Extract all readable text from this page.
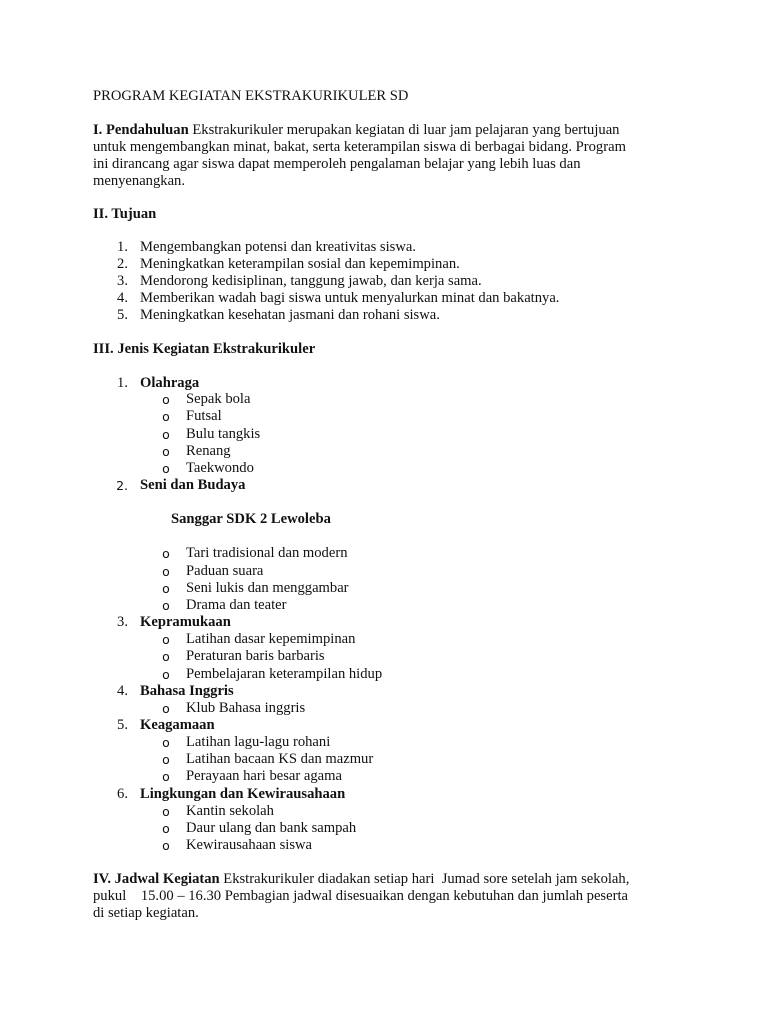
PROGRAM KEGIATAN EKSTRAKURIKULER SD
I. Pendahuluan Ekstrakurikuler merupakan kegiatan di luar jam pelajaran yang bertujuan
untuk mengembangkan minat, bakat, serta keterampilan siswa di berbagai bidang. Program
ini dirancang agar siswa dapat memperoleh pengalaman belajar yang lebih luas dan
menyenangkan.
II. Tujuan
1. Mengembangkan potensi dan kreativitas siswa.
2. Meningkatkan keterampilan sosial dan kepemimpinan.
3. Mendorong kedisiplinan, tanggung jawab, dan kerja sama.
4. Memberikan wadah bagi siswa untuk menyalurkan minat dan bakatnya.
5. Meningkatkan kesehatan jasmani dan rohani siswa.
III. Jenis Kegiatan Ekstrakurikuler
1. Olahraga
o Sepak bola
o Futsal
o Bulu tangkis
o Renang
o Taekwondo
2. Seni dan Budaya
Sanggar SDK 2 Lewoleba
o Tari tradisional dan modern
o Paduan suara
o Seni lukis dan menggambar
o Drama dan teater
3. Kepramukaan
o Latihan dasar kepemimpinan
o Peraturan baris barbaris
o Pembelajaran keterampilan hidup
4. Bahasa Inggris
o Klub Bahasa inggris
5. Keagamaan
o Latihan lagu-lagu rohani
o Latihan bacaan KS dan mazmur
o Perayaan hari besar agama
6. Lingkungan dan Kewirausahaan
o Kantin sekolah
o Daur ulang dan bank sampah
o Kewirausahaan siswa
IV. Jadwal Kegiatan Ekstrakurikuler diadakan setiap hari  Jumad sore setelah jam sekolah,
pukul    15.00 – 16.30 Pembagian jadwal disesuaikan dengan kebutuhan dan jumlah peserta
di setiap kegiatan.
